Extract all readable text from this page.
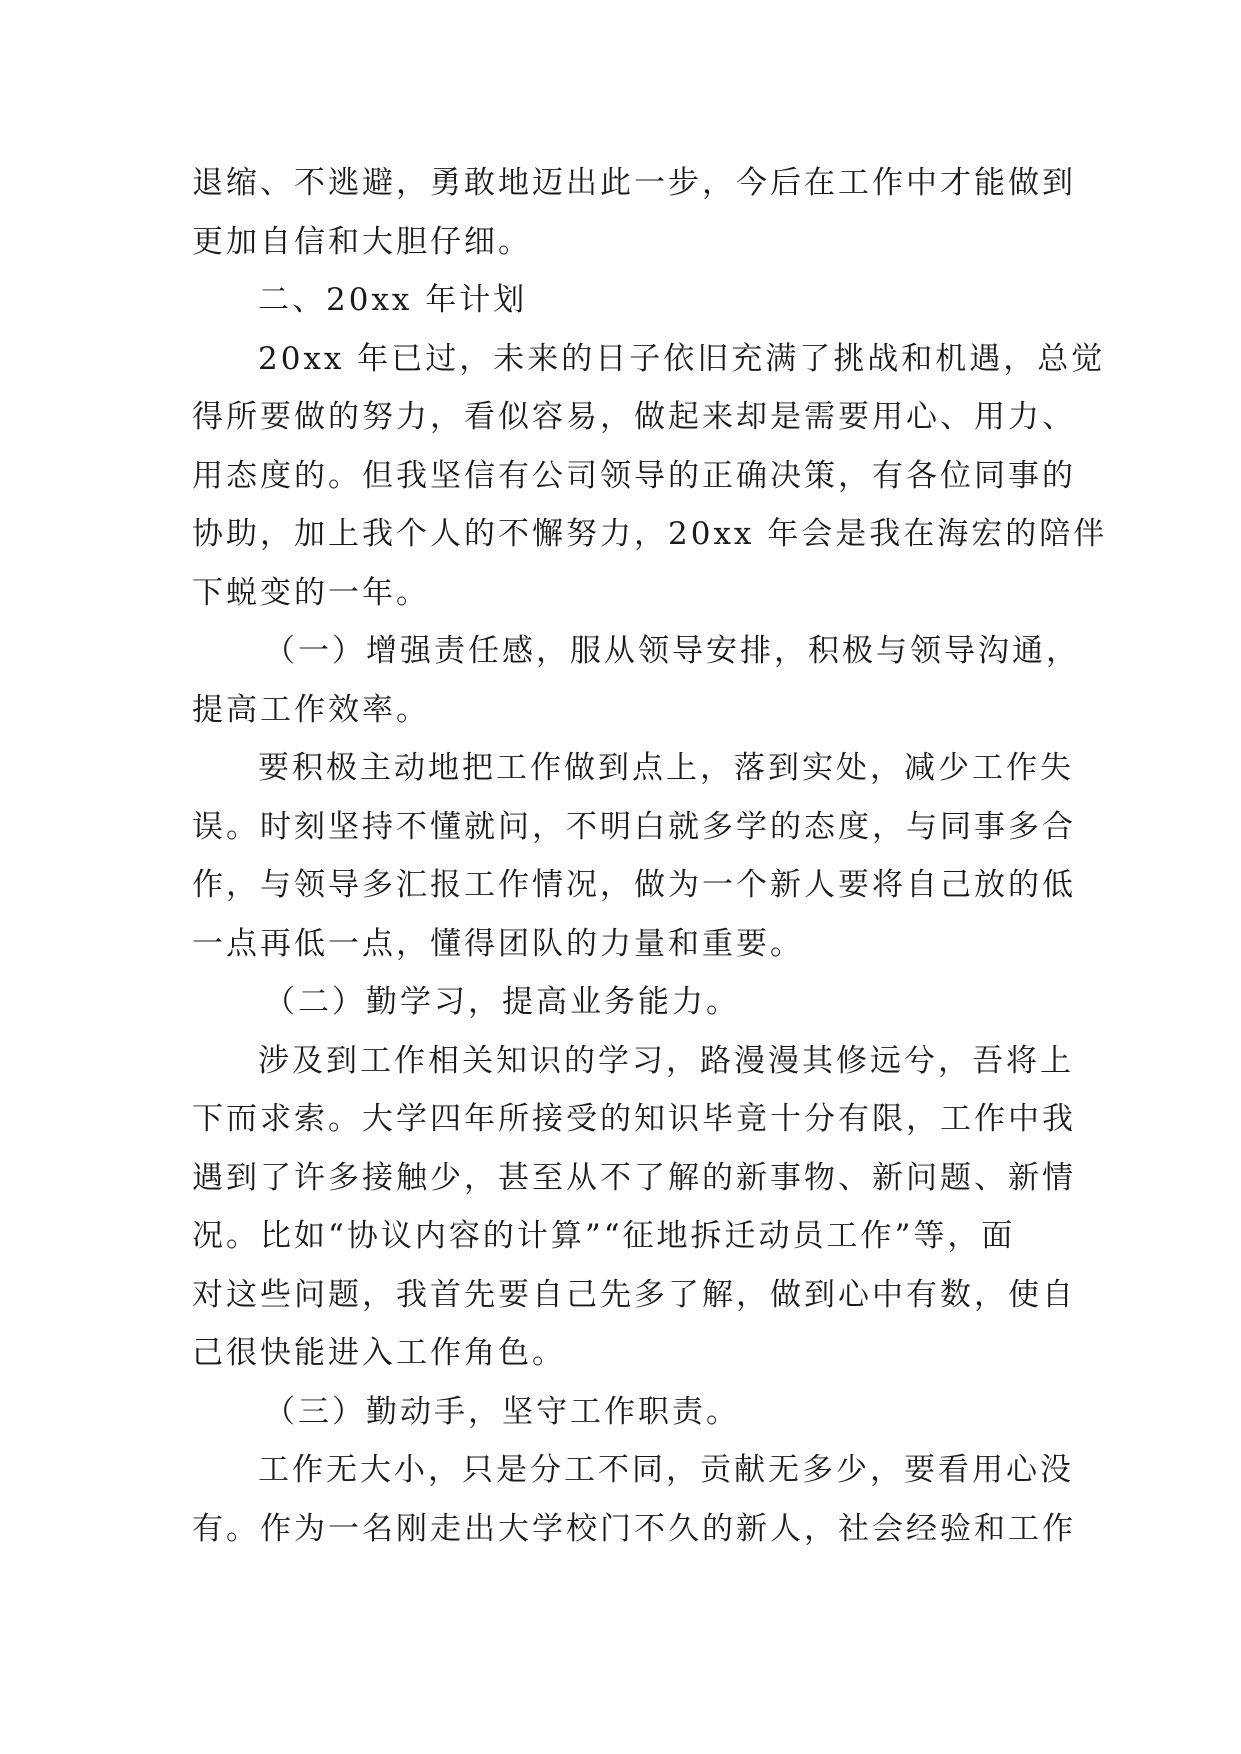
退缩、不逃避，勇敢地迈出此一步，今后在工作中才能做到
更加自信和大胆仔细。
二、20xx 年计划
20xx 年已过，未来的日子依旧充满了挑战和机遇，总觉
得所要做的努力，看似容易，做起来却是需要用心、用力、
用态度的。但我坚信有公司领导的正确决策，有各位同事的
协助，加上我个人的不懈努力，20xx 年会是我在海宏的陪伴
下蜕变的一年。
（一）增强责任感，服从领导安排，积极与领导沟通，
提高工作效率。
要积极主动地把工作做到点上，落到实处，减少工作失
误。时刻坚持不懂就问，不明白就多学的态度，与同事多合
作，与领导多汇报工作情况，做为一个新人要将自己放的低
一点再低一点，懂得团队的力量和重要。
（二）勤学习，提高业务能力。
涉及到工作相关知识的学习，路漫漫其修远兮，吾将上
下而求索。大学四年所接受的知识毕竟十分有限，工作中我
遇到了许多接触少，甚至从不了解的新事物、新问题、新情
况。比如“协议内容的计算”“征地拆迁动员工作”等，面
对这些问题，我首先要自己先多了解，做到心中有数，使自
己很快能进入工作角色。
（三）勤动手，坚守工作职责。
工作无大小，只是分工不同，贡献无多少，要看用心没
有。作为一名刚走出大学校门不久的新人，社会经验和工作
